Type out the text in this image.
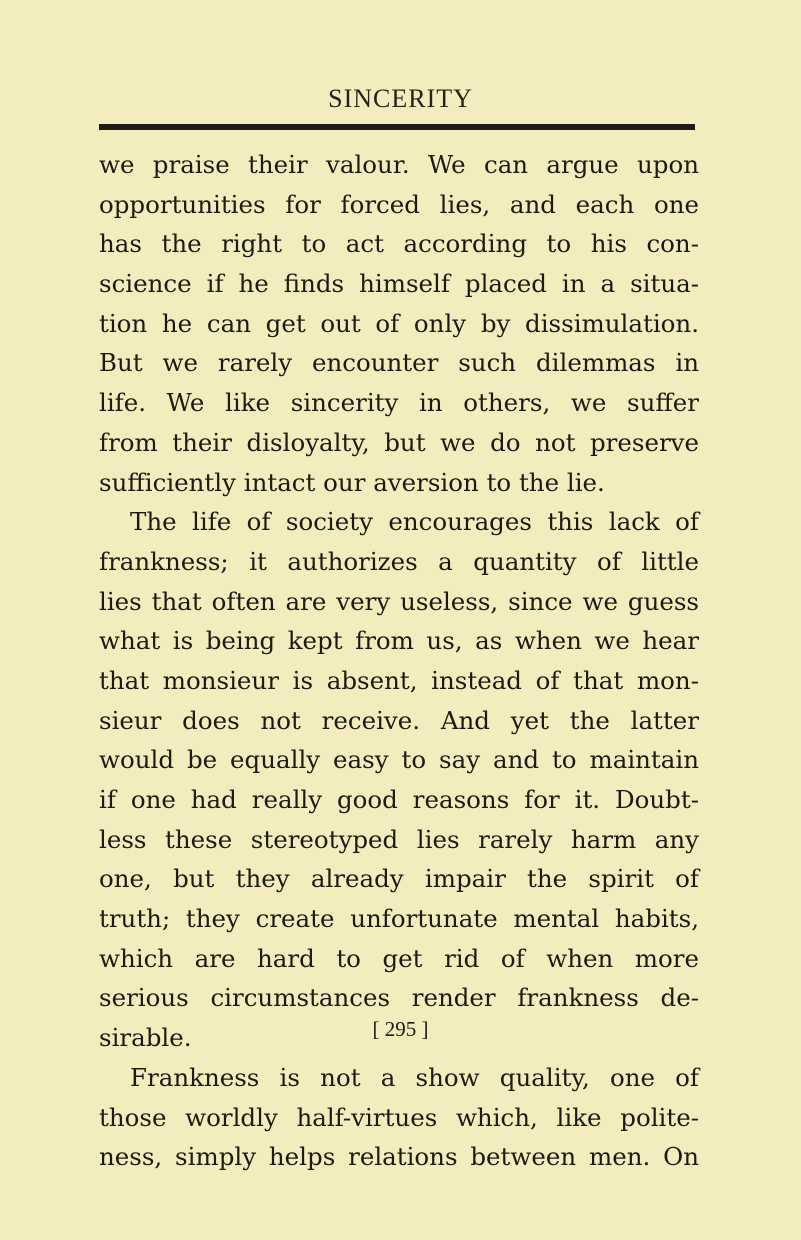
SINCERITY
we praise their valour. We can argue upon
opportunities for forced lies, and each one
has the right to act according to his con-
science if he finds himself placed in a situa-
tion he can get out of only by dissimulation.
But we rarely encounter such dilemmas in
life. We like sincerity in others, we suffer
from their disloyalty, but we do not preserve
sufficiently intact our aversion to the lie.
The life of society encourages this lack of
frankness; it authorizes a quantity of little
lies that often are very useless, since we guess
what is being kept from us, as when we hear
that monsieur is absent, instead of that mon-
sieur does not receive. And yet the latter
would be equally easy to say and to maintain
if one had really good reasons for it. Doubt-
less these stereotyped lies rarely harm any
one, but they already impair the spirit of
truth; they create unfortunate mental habits,
which are hard to get rid of when more
serious circumstances render frankness de-
sirable.
Frankness is not a show quality, one of
those worldly half-virtues which, like polite-
ness, simply helps relations between men. On
[ 295 ]
